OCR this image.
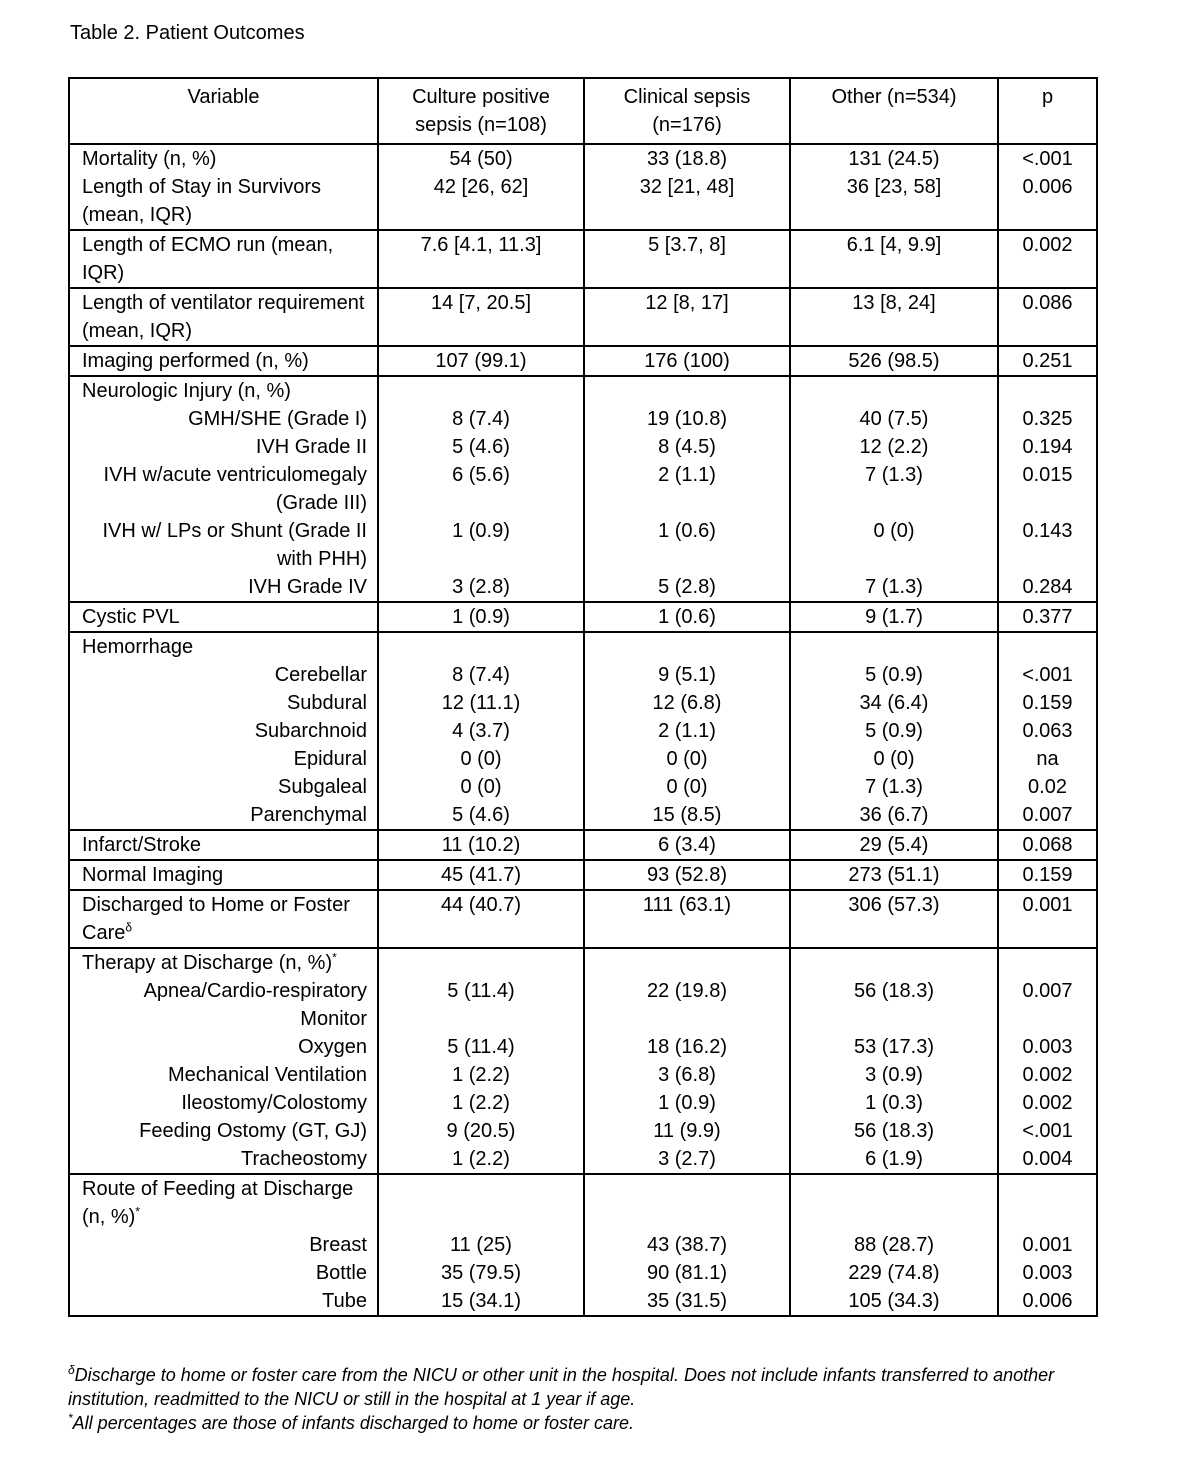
Table 2. Patient Outcomes
Variable	Culture positive sepsis (n=108)	Clinical sepsis (n=176)	Other (n=534)	p
Mortality (n, %)	54 (50)	33 (18.8)	131 (24.5)	<.001
Length of Stay in Survivors (mean, IQR)	42 [26, 62]	32 [21, 48]	36 [23, 58]	0.006
Length of ECMO run (mean, IQR)	7.6 [4.1, 11.3]	5 [3.7, 8]	6.1 [4, 9.9]	0.002
Length of ventilator requirement (mean, IQR)	14 [7, 20.5]	12 [8, 17]	13 [8, 24]	0.086
Imaging performed (n, %)	107 (99.1)	176 (100)	526 (98.5)	0.251
Neurologic Injury (n, %)				
GMH/SHE (Grade I)	8 (7.4)	19 (10.8)	40 (7.5)	0.325
IVH Grade II	5 (4.6)	8 (4.5)	12 (2.2)	0.194
IVH w/acute ventriculomegaly (Grade III)	6 (5.6)	2 (1.1)	7 (1.3)	0.015
IVH w/ LPs or Shunt (Grade II with PHH)	1 (0.9)	1 (0.6)	0 (0)	0.143
IVH Grade IV	3 (2.8)	5 (2.8)	7 (1.3)	0.284
Cystic PVL	1 (0.9)	1 (0.6)	9 (1.7)	0.377
Hemorrhage				
Cerebellar	8 (7.4)	9 (5.1)	5 (0.9)	<.001
Subdural	12 (11.1)	12 (6.8)	34 (6.4)	0.159
Subarchnoid	4 (3.7)	2 (1.1)	5 (0.9)	0.063
Epidural	0 (0)	0 (0)	0 (0)	na
Subgaleal	0 (0)	0 (0)	7 (1.3)	0.02
Parenchymal	5 (4.6)	15 (8.5)	36 (6.7)	0.007
Infarct/Stroke	11 (10.2)	6 (3.4)	29 (5.4)	0.068
Normal Imaging	45 (41.7)	93 (52.8)	273 (51.1)	0.159
Discharged to Home or Foster Care$^\delta$	44 (40.7)	111 (63.1)	306 (57.3)	0.001
Therapy at Discharge (n, %)*				
Apnea/Cardio-respiratory Monitor	5 (11.4)	22 (19.8)	56 (18.3)	0.007
Oxygen	5 (11.4)	18 (16.2)	53 (17.3)	0.003
Mechanical Ventilation	1 (2.2)	3 (6.8)	3 (0.9)	0.002
Ileostomy/Colostomy	1 (2.2)	1 (0.9)	1 (0.3)	0.002
Feeding Ostomy (GT, GJ)	9 (20.5)	11 (9.9)	56 (18.3)	<.001
Tracheostomy	1 (2.2)	3 (2.7)	6 (1.9)	0.004
Route of Feeding at Discharge (n, %)*				
Breast	11 (25)	43 (38.7)	88 (28.7)	0.001
Bottle	35 (79.5)	90 (81.1)	229 (74.8)	0.003
Tube	15 (34.1)	35 (31.5)	105 (34.3)	0.006
$^\delta$Discharge to home or foster care from the NICU or other unit in the hospital. Does not include infants transferred to another institution, readmitted to the NICU or still in the hospital at 1 year if age.
*All percentages are those of infants discharged to home or foster care.
